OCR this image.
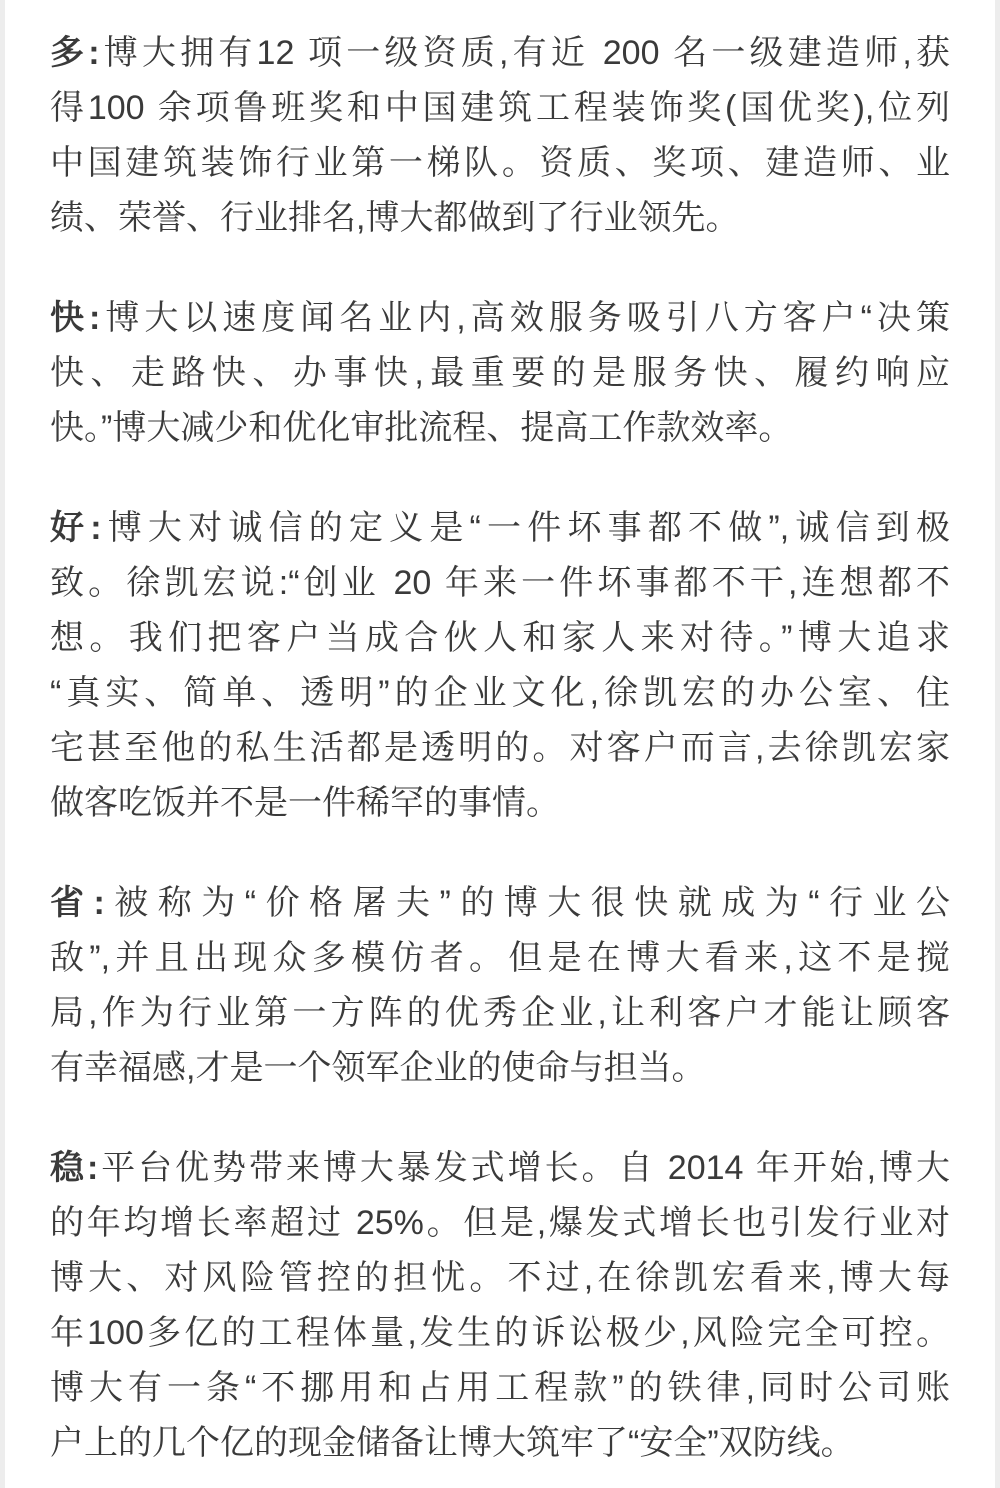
多:博大拥有12 项一级资质,有近 200 名一级建造师,获
得100 余项鲁班奖和中国建筑工程装饰奖(国优奖),位列
中国建筑装饰行业第一梯队。资质、奖项、建造师、业
绩、荣誉、行业排名,博大都做到了行业领先。
快:博大以速度闻名业内,高效服务吸引八方客户“决策
快、走路快、办事快,最重要的是服务快、履约响应
快。”博大减少和优化审批流程、提高工作款效率。
好:博大对诚信的定义是“一件坏事都不做”,诚信到极
致。徐凯宏说:“创业 20 年来一件坏事都不干,连想都不
想。我们把客户当成合伙人和家人来对待。”博大追求
“真实、简单、透明”的企业文化,徐凯宏的办公室、住
宅甚至他的私生活都是透明的。对客户而言,去徐凯宏家
做客吃饭并不是一件稀罕的事情。
省:被称为“价格屠夫”的博大很快就成为“行业公
敌”,并且出现众多模仿者。但是在博大看来,这不是搅
局,作为行业第一方阵的优秀企业,让利客户才能让顾客
有幸福感,才是一个领军企业的使命与担当。
稳:平台优势带来博大暴发式增长。自 2014 年开始,博大
的年均增长率超过 25%。但是,爆发式增长也引发行业对
博大、对风险管控的担忧。不过,在徐凯宏看来,博大每
年100多亿的工程体量,发生的诉讼极少,风险完全可控。
博大有一条“不挪用和占用工程款”的铁律,同时公司账
户上的几个亿的现金储备让博大筑牢了“安全”双防线。
